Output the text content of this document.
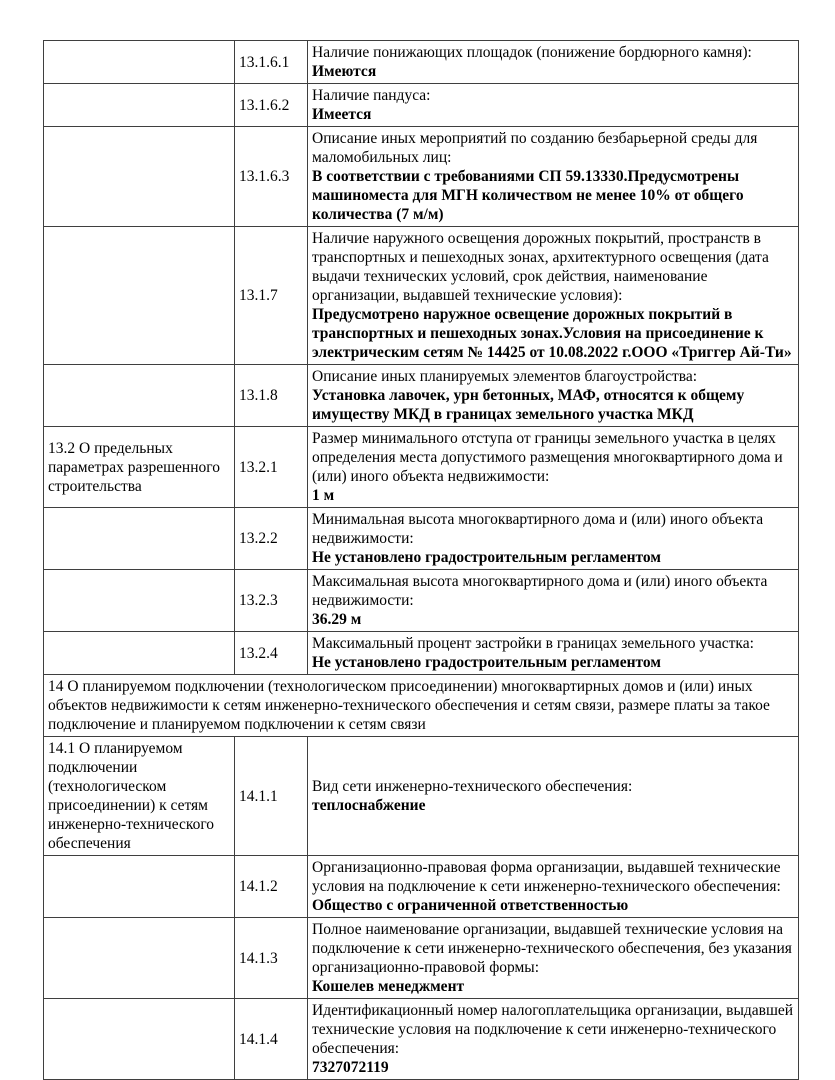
	13.1.6.1	Наличие понижающих площадок (понижение бордюрного камня):
Имеются

	13.1.6.2	Наличие пандуса:
Имеется

	13.1.6.3	Описание иных мероприятий по созданию безбарьерной среды для маломобильных лиц:
В соответствии с требованиями СП 59.13330.Предусмотрены машиноместа для МГН количеством не менее 10% от общего количества (7 м/м)

	13.1.7	Наличие наружного освещения дорожных покрытий, пространств в транспортных и пешеходных зонах, архитектурного освещения (дата выдачи технических условий, срок действия, наименование организации, выдавшей технические условия):
Предусмотрено наружное освещение дорожных покрытий в транспортных и пешеходных зонах.Условия на присоединение к электрическим сетям № 14425 от 10.08.2022 г.ООО «Триггер Ай-Ти»

	13.1.8	Описание иных планируемых элементов благоустройства:
Установка лавочек, урн бетонных, МАФ, относятся к общему имуществу МКД в границах земельного участка МКД

13.2 О предельных параметрах разрешенного строительства	13.2.1	Размер минимального отступа от границы земельного участка в целях определения места допустимого размещения многоквартирного дома и (или) иного объекта недвижимости:
1 м

	13.2.2	Минимальная высота многоквартирного дома и (или) иного объекта недвижимости:
Не установлено градостроительным регламентом

	13.2.3	Максимальная высота многоквартирного дома и (или) иного объекта недвижимости:
36.29 м

	13.2.4	Максимальный процент застройки в границах земельного участка:
Не установлено градостроительным регламентом

14 О планируемом подключении (технологическом присоединении) многоквартирных домов и (или) иных объектов недвижимости к сетям инженерно-технического обеспечения и сетям связи, размере платы за такое подключение и планируемом подключении к сетям связи		
14.1 О планируемом подключении (технологическом присоединении) к сетям инженерно-технического обеспечения	14.1.1	Вид сети инженерно-технического обеспечения:
теплоснабжение

	14.1.2	Организационно-правовая форма организации, выдавшей технические условия на подключение к сети инженерно-технического обеспечения:
Общество с ограниченной ответственностью

	14.1.3	Полное наименование организации, выдавшей технические условия на подключение к сети инженерно-технического обеспечения, без указания организационно-правовой формы:
Кошелев менеджмент

	14.1.4	Идентификационный номер налогоплательщика организации, выдавшей технические условия на подключение к сети инженерно-технического обеспечения:
7327072119
